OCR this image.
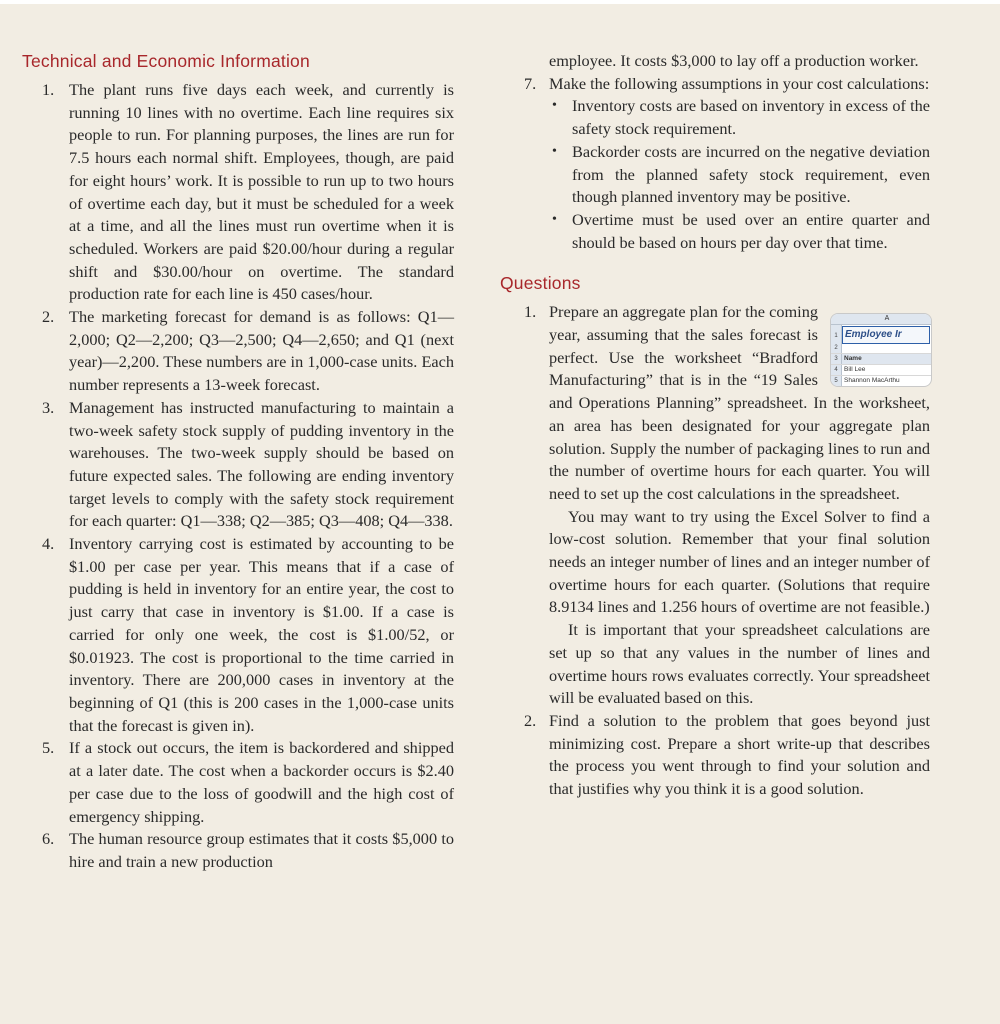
Technical and Economic Information
1. The plant runs five days each week, and currently is running 10 lines with no overtime. Each line requires six people to run. For planning purposes, the lines are run for 7.5 hours each normal shift. Employees, though, are paid for eight hours’ work. It is possible to run up to two hours of overtime each day, but it must be scheduled for a week at a time, and all the lines must run overtime when it is scheduled. Workers are paid $20.00/hour during a regular shift and $30.00/hour on overtime. The standard production rate for each line is 450 cases/hour.
2. The marketing forecast for demand is as follows: Q1—2,000; Q2—2,200; Q3—2,500; Q4—2,650; and Q1 (next year)—2,200. These numbers are in 1,000-case units. Each number represents a 13-week forecast.
3. Management has instructed manufacturing to maintain a two-week safety stock supply of pudding inventory in the warehouses. The two-week supply should be based on future expected sales. The following are ending inventory target levels to comply with the safety stock requirement for each quarter: Q1—338; Q2—385; Q3—408; Q4—338.
4. Inventory carrying cost is estimated by accounting to be $1.00 per case per year. This means that if a case of pudding is held in inventory for an entire year, the cost to just carry that case in inventory is $1.00. If a case is carried for only one week, the cost is $1.00/52, or $0.01923. The cost is proportional to the time carried in inventory. There are 200,000 cases in inventory at the beginning of Q1 (this is 200 cases in the 1,000-case units that the forecast is given in).
5. If a stock out occurs, the item is backordered and shipped at a later date. The cost when a backorder occurs is $2.40 per case due to the loss of goodwill and the high cost of emergency shipping.
6. The human resource group estimates that it costs $5,000 to hire and train a new production
employee. It costs $3,000 to lay off a production worker.
7. Make the following assumptions in your cost calculations:
• Inventory costs are based on inventory in excess of the safety stock requirement.
• Backorder costs are incurred on the negative deviation from the planned safety stock requirement, even though planned inventory may be positive.
• Overtime must be used over an entire quarter and should be based on hours per day over that time.
Questions
1.	A
1 Employee Ir
2
3 Name
4 Bill Lee
5 Shannon MacArthu
Prepare an aggregate plan for the coming year, assuming that the sales forecast is perfect. Use the worksheet “Bradford Manufacturing” that is in the “19 Sales and Operations Planning” spreadsheet. In the worksheet, an area has been designated for your aggregate plan solution. Supply the number of packaging lines to run and the number of overtime hours for each quarter. You will need to set up the cost calculations in the spreadsheet.

You may want to try using the Excel Solver to find a low-cost solution. Remember that your final solution needs an integer number of lines and an integer number of overtime hours for each quarter. (Solutions that require 8.9134 lines and 1.256 hours of overtime are not feasible.)

It is important that your spreadsheet calculations are set up so that any values in the number of lines and overtime hours rows evaluates correctly. Your spreadsheet will be evaluated based on this.

2. Find a solution to the problem that goes beyond just minimizing cost. Prepare a short write-up that describes the process you went through to find your solution and that justifies why you think it is a good solution.
